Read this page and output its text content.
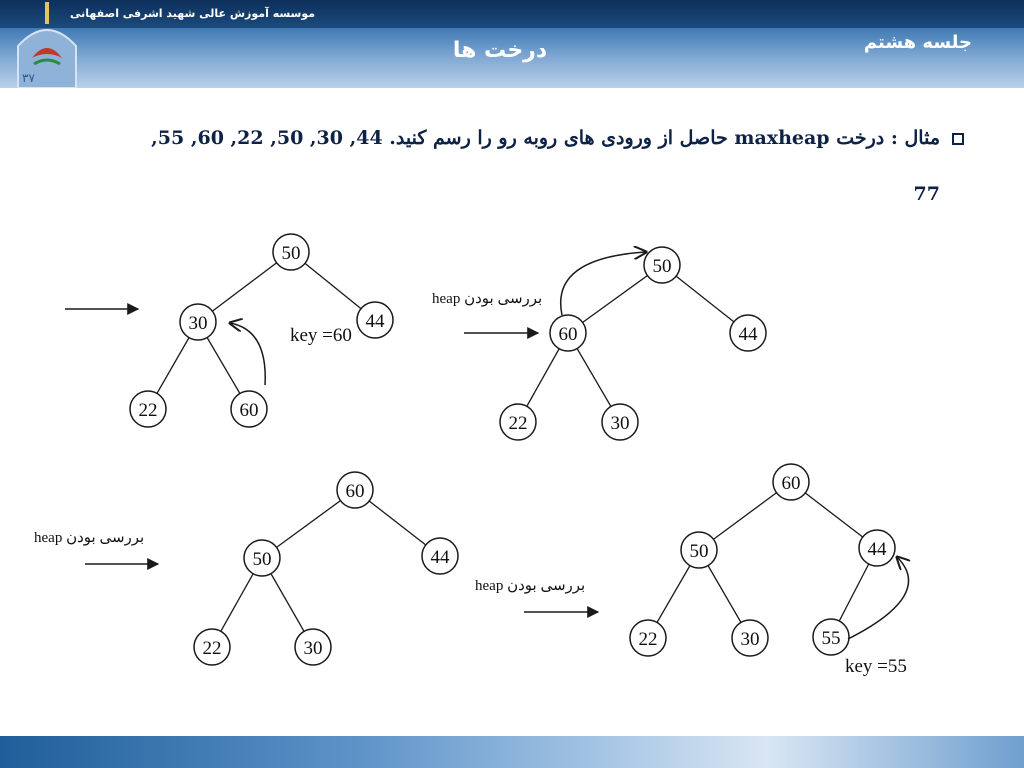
۳۷
موسسه آموزش عالی شهید اشرفی اصفهانی
جلسه هشتم
درخت ها
مثال : درخت maxheap حاصل از ورودی های روبه رو را رسم کنید. 44, 30, 50, 22, 60, 55,
77
50
30	44
22	60
key =60
50
60	44
22	30
heap بررسی بودن
60
50	44
22	30
heap بررسی بودن
60
50	44
22	30	55
heap بررسی بودن
key =55
